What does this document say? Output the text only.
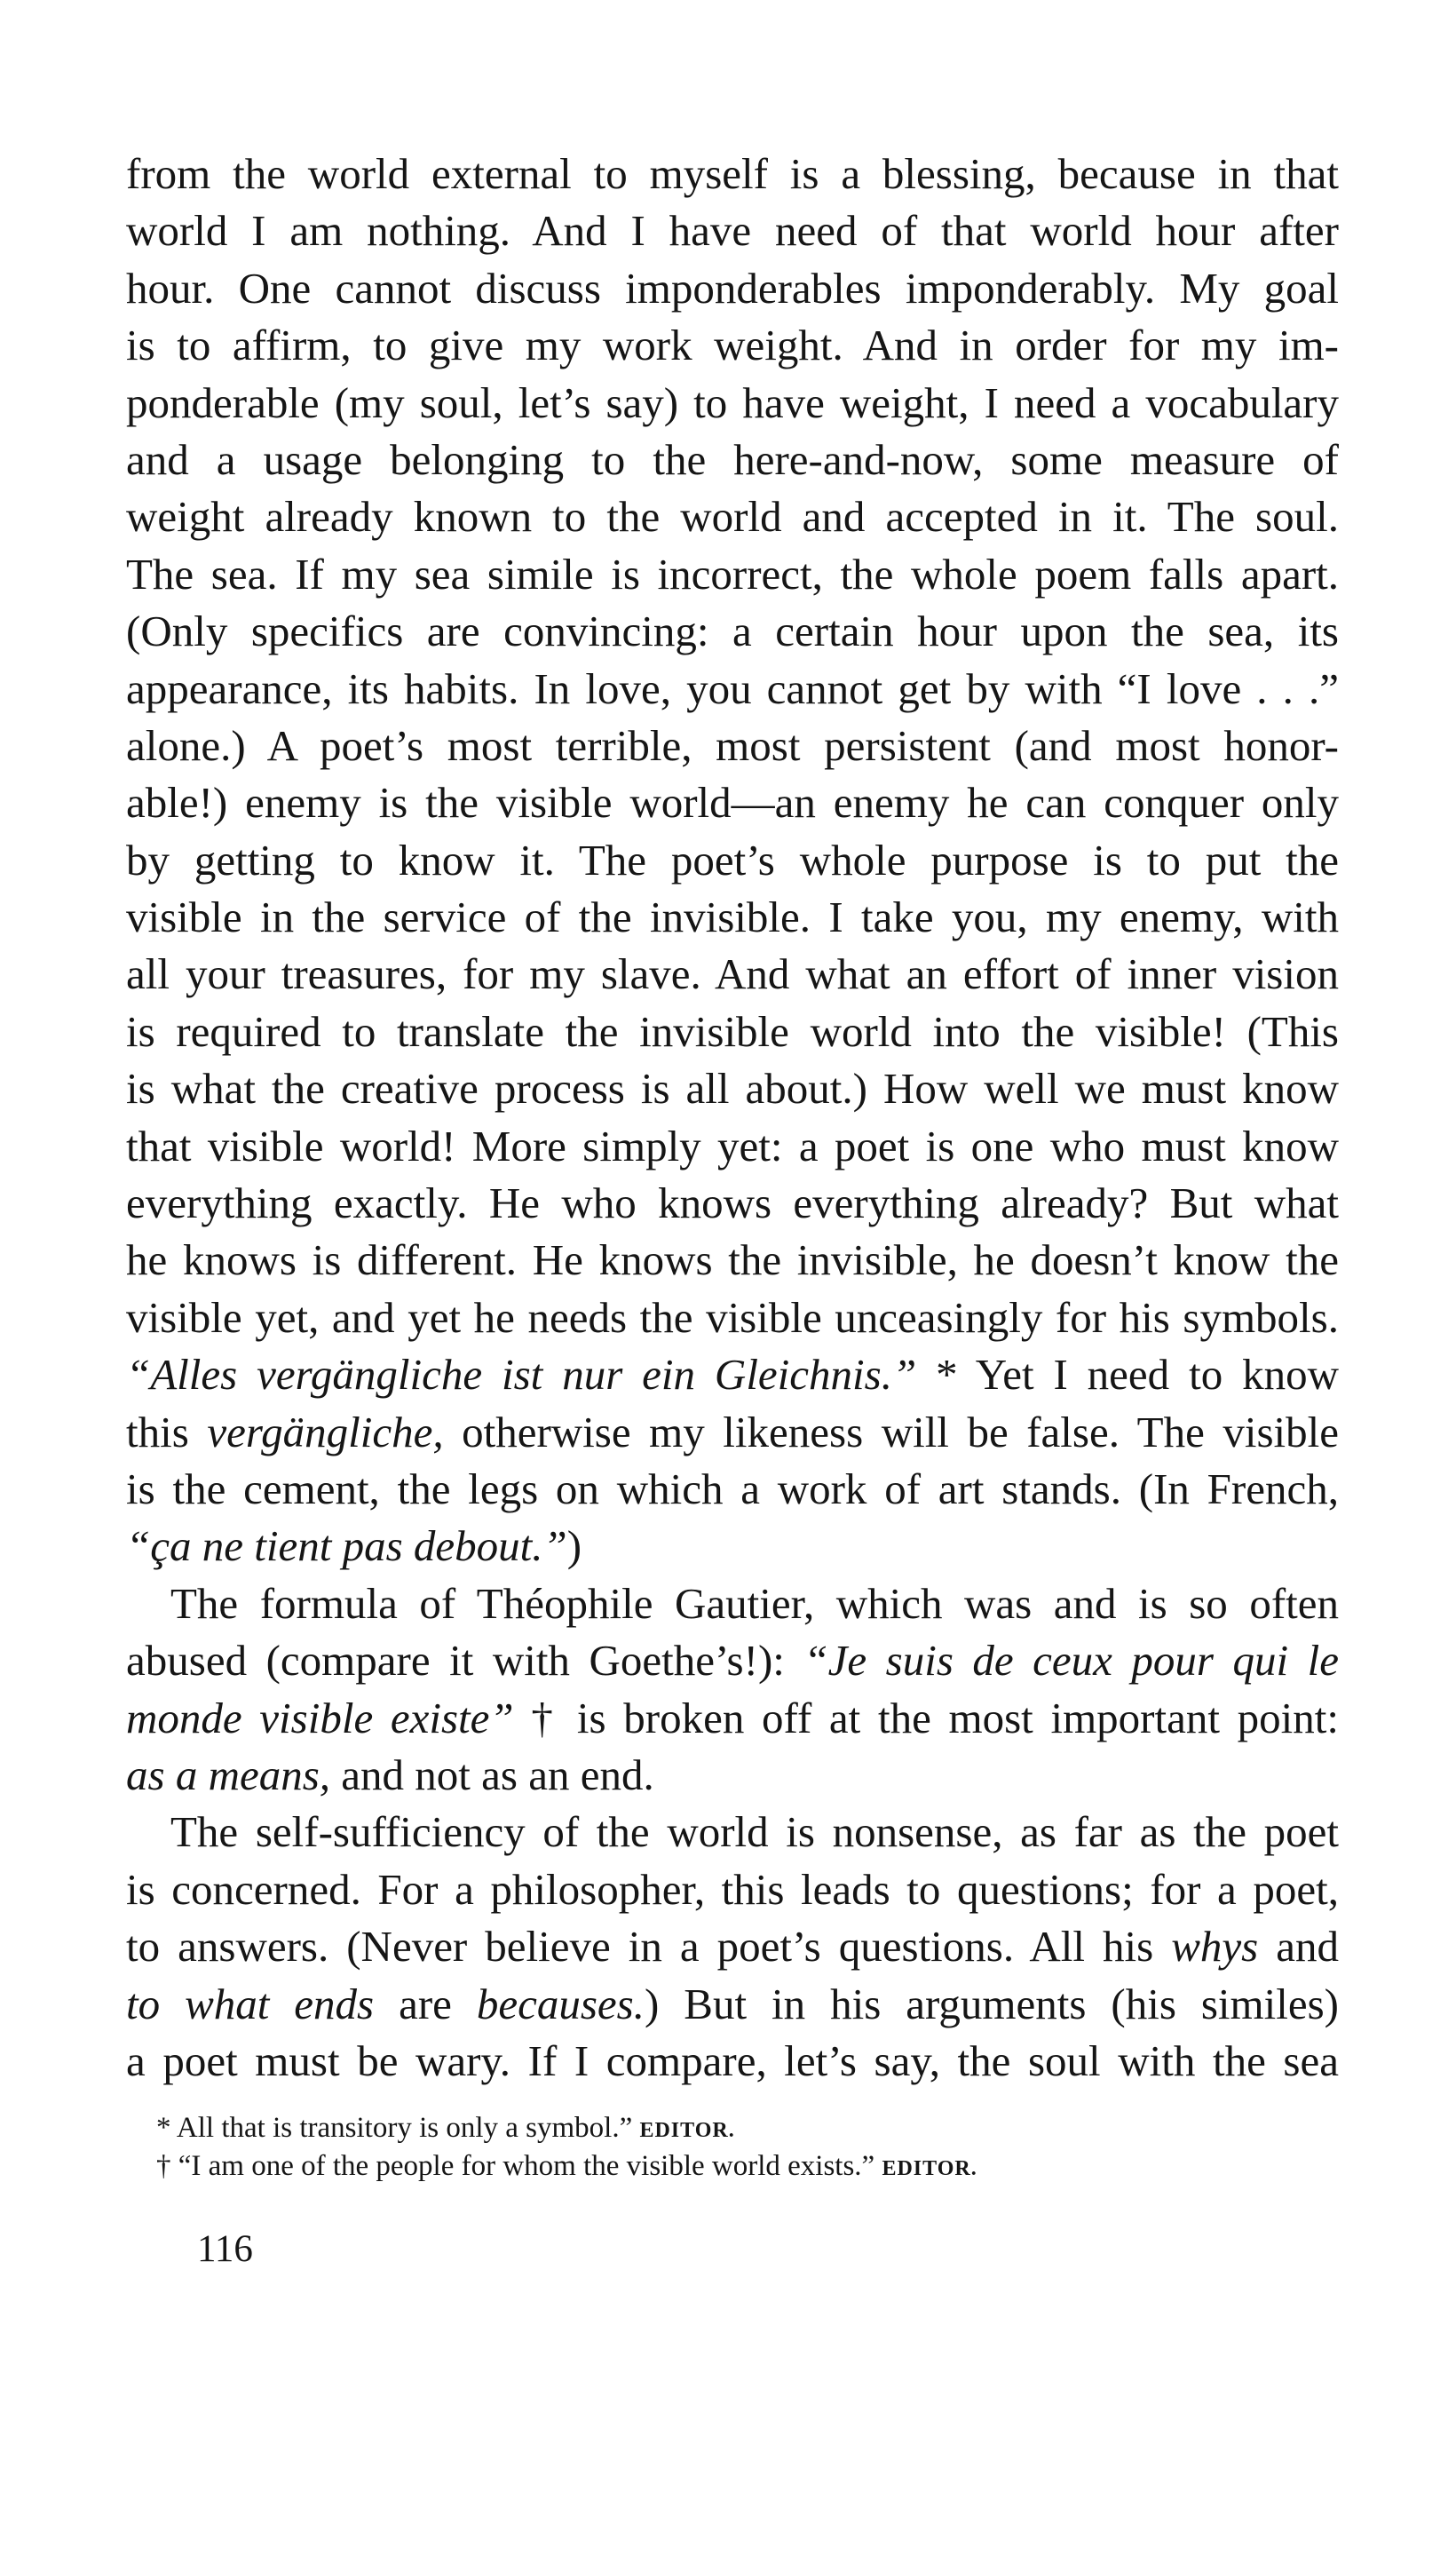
from the world external to myself is a blessing, because in that
world I am nothing. And I have need of that world hour after
hour. One cannot discuss imponderables imponderably. My goal
is to affirm, to give my work weight. And in order for my im-
ponderable (my soul, let’s say) to have weight, I need a vocabulary
and a usage belonging to the here-and-now, some measure of
weight already known to the world and accepted in it. The soul.
The sea. If my sea simile is incorrect, the whole poem falls apart.
(Only specifics are convincing: a certain hour upon the sea, its
appearance, its habits. In love, you cannot get by with “I love . . .”
alone.) A poet’s most terrible, most persistent (and most honor-
able!) enemy is the visible world—an enemy he can conquer only
by getting to know it. The poet’s whole purpose is to put the
visible in the service of the invisible. I take you, my enemy, with
all your treasures, for my slave. And what an effort of inner vision
is required to translate the invisible world into the visible! (This
is what the creative process is all about.) How well we must know
that visible world! More simply yet: a poet is one who must know
everything exactly. He who knows everything already? But what
he knows is different. He knows the invisible, he doesn’t know the
visible yet, and yet he needs the visible unceasingly for his symbols.
“Alles vergängliche ist nur ein Gleichnis.” * Yet I need to know
this vergängliche, otherwise my likeness will be false. The visible
is the cement, the legs on which a work of art stands. (In French,
“ça ne tient pas debout.”)
The formula of Théophile Gautier, which was and is so often
abused (compare it with Goethe’s!): “Je suis de ceux pour qui le
monde visible existe” † is broken off at the most important point:
as a means, and not as an end.
The self-sufficiency of the world is nonsense, as far as the poet
is concerned. For a philosopher, this leads to questions; for a poet,
to answers. (Never believe in a poet’s questions. All his whys and
to what ends are becauses.) But in his arguments (his similes)
a poet must be wary. If I compare, let’s say, the soul with the sea
* All that is transitory is only a symbol.” EDITOR.
† “I am one of the people for whom the visible world exists.” EDITOR.
116
